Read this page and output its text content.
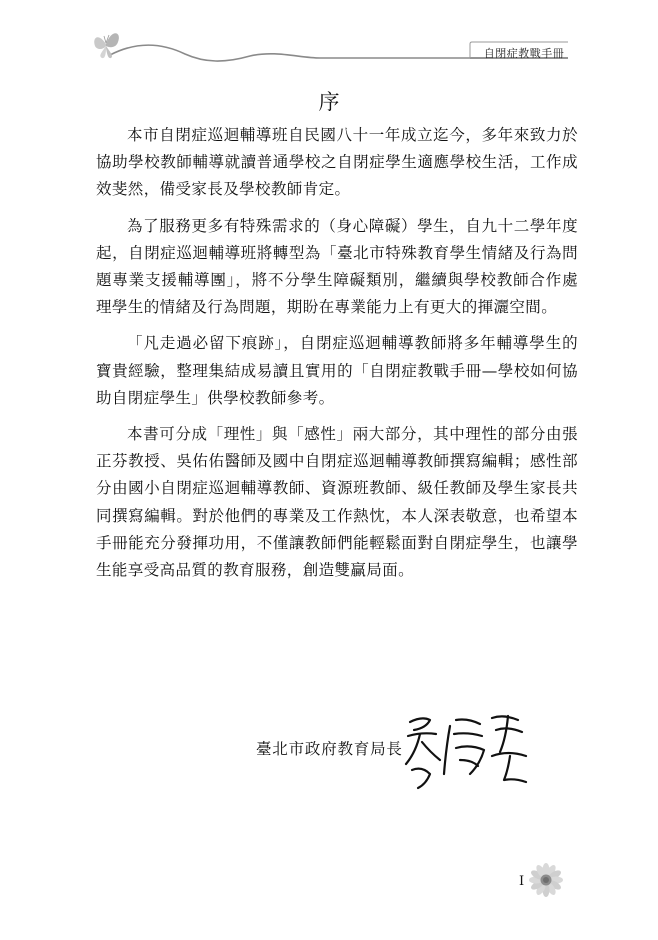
自閉症教戰手冊
序

本市自閉症巡迴輔導班自民國八十一年成立迄今，多年來致力於協助學校教師輔導就讀普通學校之自閉症學生適應學校生活，工作成效斐然，備受家長及學校教師肯定。

為了服務更多有特殊需求的（身心障礙）學生，自九十二學年度起，自閉症巡迴輔導班將轉型為「臺北市特殊教育學生情緒及行為問題專業支援輔導團」，將不分學生障礙類別，繼續與學校教師合作處理學生的情緒及行為問題，期盼在專業能力上有更大的揮灑空間。

「凡走過必留下痕跡」，自閉症巡迴輔導教師將多年輔導學生的寶貴經驗，整理集結成易讀且實用的「自閉症教戰手冊—學校如何協助自閉症學生」供學校教師參考。

本書可分成「理性」與「感性」兩大部分，其中理性的部分由張正芬教授、吳佑佑醫師及國中自閉症巡迴輔導教師撰寫編輯；感性部分由國小自閉症巡迴輔導教師、資源班教師、級任教師及學生家長共同撰寫編輯。對於他們的專業及工作熱忱，本人深表敬意，也希望本手冊能充分發揮功用，不僅讓教師們能輕鬆面對自閉症學生，也讓學生能享受高品質的教育服務，創造雙贏局面。

臺北市政府教育局長
I
